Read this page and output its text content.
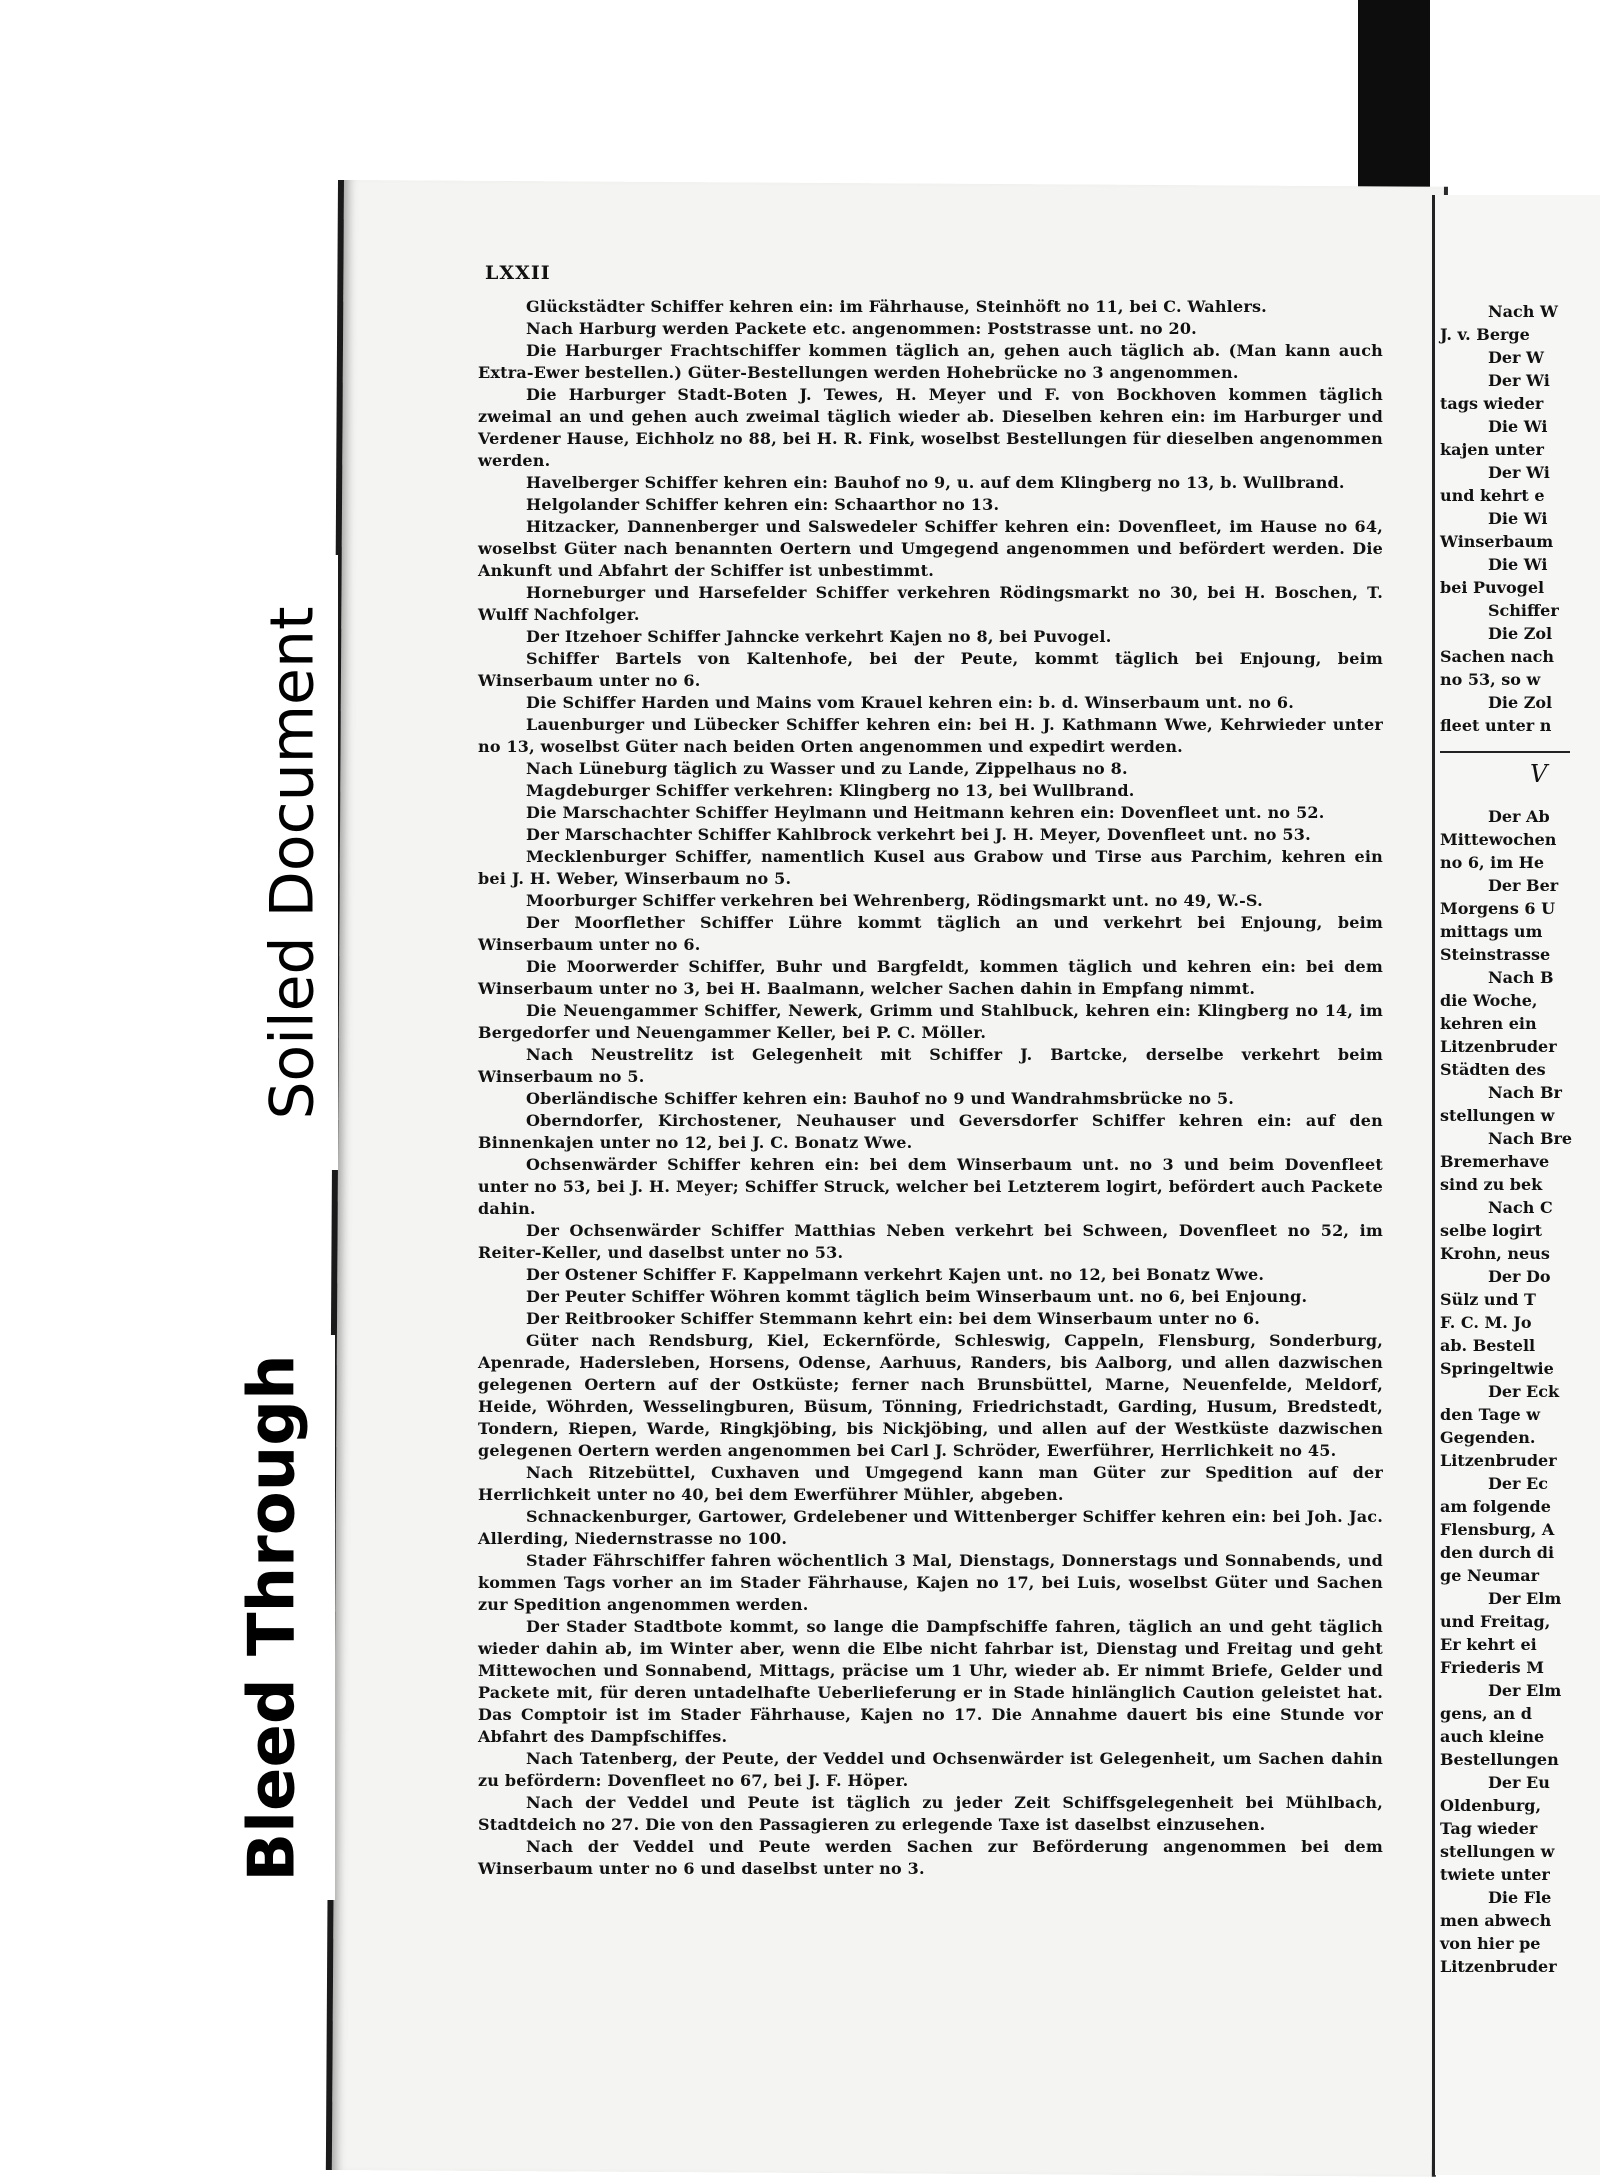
LXXII

Glückstädter Schiffer kehren ein: im Fährhause, Steinhöft no 11, bei C. Wahlers.

Nach Harburg werden Packete etc. angenommen: Poststrasse unt. no 20.

Die Harburger Frachtschiffer kommen täglich an, gehen auch täglich ab. (Man kann auch Extra-Ewer bestellen.) Güter-Bestellungen werden Hohebrücke no 3 angenommen.

Die Harburger Stadt-Boten J. Tewes, H. Meyer und F. von Bockhoven kommen täglich zweimal an und gehen auch zweimal täglich wieder ab. Dieselben kehren ein: im Harburger und Verdener Hause, Eichholz no 88, bei H. R. Fink, woselbst Bestellungen für dieselben angenommen werden.

Havelberger Schiffer kehren ein: Bauhof no 9, u. auf dem Klingberg no 13, b. Wullbrand.

Helgolander Schiffer kehren ein: Schaarthor no 13.

Hitzacker, Dannenberger und Salswedeler Schiffer kehren ein: Dovenfleet, im Hause no 64, woselbst Güter nach benannten Oertern und Umgegend angenommen und befördert werden. Die Ankunft und Abfahrt der Schiffer ist unbestimmt.

Horneburger und Harsefelder Schiffer verkehren Rödingsmarkt no 30, bei H. Boschen, T. Wulff Nachfolger.

Der Itzehoer Schiffer Jahncke verkehrt Kajen no 8, bei Puvogel.

Schiffer Bartels von Kaltenhofe, bei der Peute, kommt täglich bei Enjoung, beim Winserbaum unter no 6.

Die Schiffer Harden und Mains vom Krauel kehren ein: b. d. Winserbaum unt. no 6.

Lauenburger und Lübecker Schiffer kehren ein: bei H. J. Kathmann Wwe, Kehrwieder unter no 13, woselbst Güter nach beiden Orten angenommen und expedirt werden.

Nach Lüneburg täglich zu Wasser und zu Lande, Zippelhaus no 8.

Magdeburger Schiffer verkehren: Klingberg no 13, bei Wullbrand.

Die Marschachter Schiffer Heylmann und Heitmann kehren ein: Dovenfleet unt. no 52.

Der Marschachter Schiffer Kahlbrock verkehrt bei J. H. Meyer, Dovenfleet unt. no 53.

Mecklenburger Schiffer, namentlich Kusel aus Grabow und Tirse aus Parchim, kehren ein bei J. H. Weber, Winserbaum no 5.

Moorburger Schiffer verkehren bei Wehrenberg, Rödingsmarkt unt. no 49, W.-S.

Der Moorflether Schiffer Lühre kommt täglich an und verkehrt bei Enjoung, beim Winserbaum unter no 6.

Die Moorwerder Schiffer, Buhr und Bargfeldt, kommen täglich und kehren ein: bei dem Winserbaum unter no 3, bei H. Baalmann, welcher Sachen dahin in Empfang nimmt.

Die Neuengammer Schiffer, Newerk, Grimm und Stahlbuck, kehren ein: Klingberg no 14, im Bergedorfer und Neuengammer Keller, bei P. C. Möller.

Nach Neustrelitz ist Gelegenheit mit Schiffer J. Bartcke, derselbe verkehrt beim Winserbaum no 5.

Oberländische Schiffer kehren ein: Bauhof no 9 und Wandrahmsbrücke no 5.

Oberndorfer, Kirchostener, Neuhauser und Geversdorfer Schiffer kehren ein: auf den Binnenkajen unter no 12, bei J. C. Bonatz Wwe.

Ochsenwärder Schiffer kehren ein: bei dem Winserbaum unt. no 3 und beim Dovenfleet unter no 53, bei J. H. Meyer; Schiffer Struck, welcher bei Letzterem logirt, befördert auch Packete dahin.

Der Ochsenwärder Schiffer Matthias Neben verkehrt bei Schween, Dovenfleet no 52, im Reiter-Keller, und daselbst unter no 53.

Der Ostener Schiffer F. Kappelmann verkehrt Kajen unt. no 12, bei Bonatz Wwe.

Der Peuter Schiffer Wöhren kommt täglich beim Winserbaum unt. no 6, bei Enjoung.

Der Reitbrooker Schiffer Stemmann kehrt ein: bei dem Winserbaum unter no 6.

Güter nach Rendsburg, Kiel, Eckernförde, Schleswig, Cappeln, Flensburg, Sonderburg, Apenrade, Hadersleben, Horsens, Odense, Aarhuus, Randers, bis Aalborg, und allen dazwischen gelegenen Oertern auf der Ostküste; ferner nach Brunsbüttel, Marne, Neuenfelde, Meldorf, Heide, Wöhrden, Wesselingburen, Büsum, Tönning, Friedrichstadt, Garding, Husum, Bredstedt, Tondern, Riepen, Warde, Ringkjöbing, bis Nickjöbing, und allen auf der Westküste dazwischen gelegenen Oertern werden angenommen bei Carl J. Schröder, Ewerführer, Herrlichkeit no 45.

Nach Ritzebüttel, Cuxhaven und Umgegend kann man Güter zur Spedition auf der Herrlichkeit unter no 40, bei dem Ewerführer Mühler, abgeben.

Schnackenburger, Gartower, Grdelebener und Wittenberger Schiffer kehren ein: bei Joh. Jac. Allerding, Niedernstrasse no 100.

Stader Fährschiffer fahren wöchentlich 3 Mal, Dienstags, Donnerstags und Sonnabends, und kommen Tags vorher an im Stader Fährhause, Kajen no 17, bei Luis, woselbst Güter und Sachen zur Spedition angenommen werden.

Der Stader Stadtbote kommt, so lange die Dampfschiffe fahren, täglich an und geht täglich wieder dahin ab, im Winter aber, wenn die Elbe nicht fahrbar ist, Dienstag und Freitag und geht Mittewochen und Sonnabend, Mittags, präcise um 1 Uhr, wieder ab. Er nimmt Briefe, Gelder und Packete mit, für deren untadelhafte Ueberlieferung er in Stade hinlänglich Caution geleistet hat. Das Comptoir ist im Stader Fährhause, Kajen no 17. Die Annahme dauert bis eine Stunde vor Abfahrt des Dampfschiffes.

Nach Tatenberg, der Peute, der Veddel und Ochsenwärder ist Gelegenheit, um Sachen dahin zu befördern: Dovenfleet no 67, bei J. F. Höper.

Nach der Veddel und Peute ist täglich zu jeder Zeit Schiffsgelegenheit bei Mühlbach, Stadtdeich no 27. Die von den Passagieren zu erlegende Taxe ist daselbst einzusehen.

Nach der Veddel und Peute werden Sachen zur Beförderung angenommen bei dem Winserbaum unter no 6 und daselbst unter no 3.

Nach W
J. v. Berge
Der W
Der Wi
tags wieder
Die Wi
kajen unter
Der Wi
und kehrt e
Die Wi
Winserbaum
Die Wi
bei Puvogel
Schiffer
Die Zol
Sachen nach
no 53, so w
Die Zol
fleet unter n
V
Der Ab
Mittewochen
no 6, im He
Der Ber
Morgens 6 U
mittags um
Steinstrasse
Nach B
die Woche,
kehren ein
Litzenbruder
Städten des
Nach Br
stellungen w
Nach Bre
Bremerhave
sind zu bek
Nach C
selbe logirt
Krohn, neus
Der Do
Sülz und T
F. C. M. Jo
ab. Bestell
Springeltwie
Der Eck
den Tage w
Gegenden.
Litzenbruder
Der Ec
am folgende
Flensburg, A
den durch di
ge Neumar
Der Elm
und Freitag,
Er kehrt ei
Friederis M
Der Elm
gens, an d
auch kleine
Bestellungen
Der Eu
Oldenburg,
Tag wieder
stellungen w
twiete unter
Die Fle
men abwech
von hier pe
Litzenbruder
Soiled Document
Bleed Through
